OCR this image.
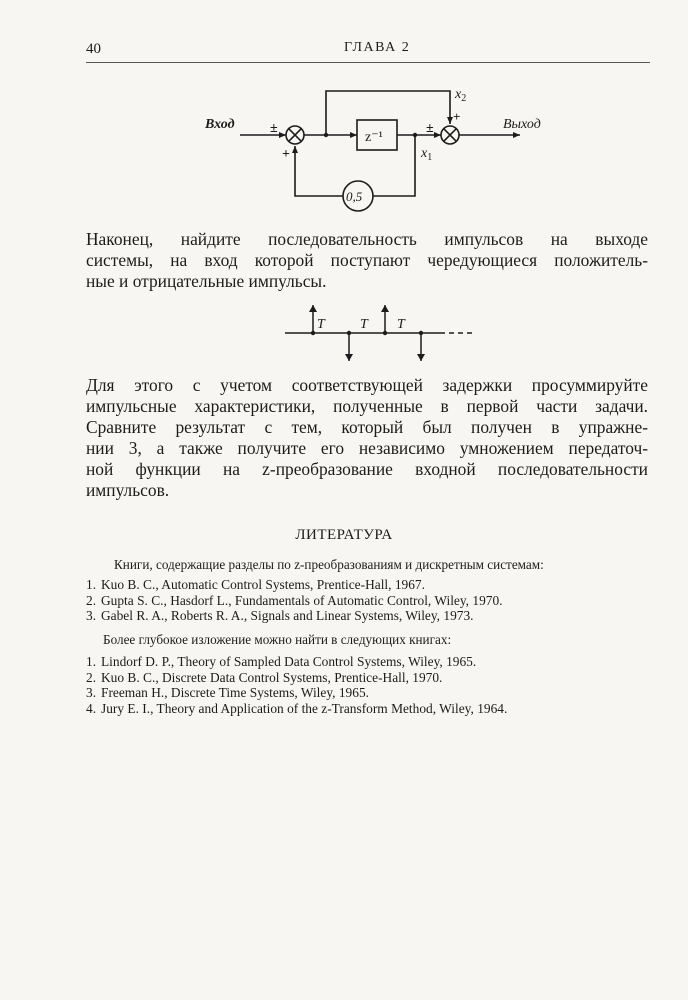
40	ГЛАВА 2
Вход	Выход
z⁻¹
0,5
±
+
±
+
$x_1$
$x_2$
T	T T

Наконец, найдите последовательность импульсов на выходе
системы, на вход которой поступают чередующиеся положитель-
ные и отрицательные импульсы.

Для этого с учетом соответствующей задержки просуммируйте
импульсные характеристики, полученные в первой части задачи.
Сравните результат с тем, который был получен в упражне-
нии 3, а также получите его независимо умножением передаточ-
ной функции на z-преобразование входной последовательности
импульсов.

ЛИТЕРАТУРА
Книги, содержащие разделы по z-преобразованиям и дискретным системам:
1. Kuo B. C., Automatic Control Systems, Prentice-Hall, 1967.
2. Gupta S. C., Hasdorf L., Fundamentals of Automatic Control, Wiley, 1970.
3. Gabel R. A., Roberts R. A., Signals and Linear Systems, Wiley, 1973.
Более глубокое изложение можно найти в следующих книгах:
1. Lindorf D. P., Theory of Sampled Data Control Systems, Wiley, 1965.
2. Kuo B. C., Discrete Data Control Systems, Prentice-Hall, 1970.
3. Freeman H., Discrete Time Systems, Wiley, 1965.
4. Jury E. I., Theory and Application of the z-Transform Method, Wiley, 1964.
